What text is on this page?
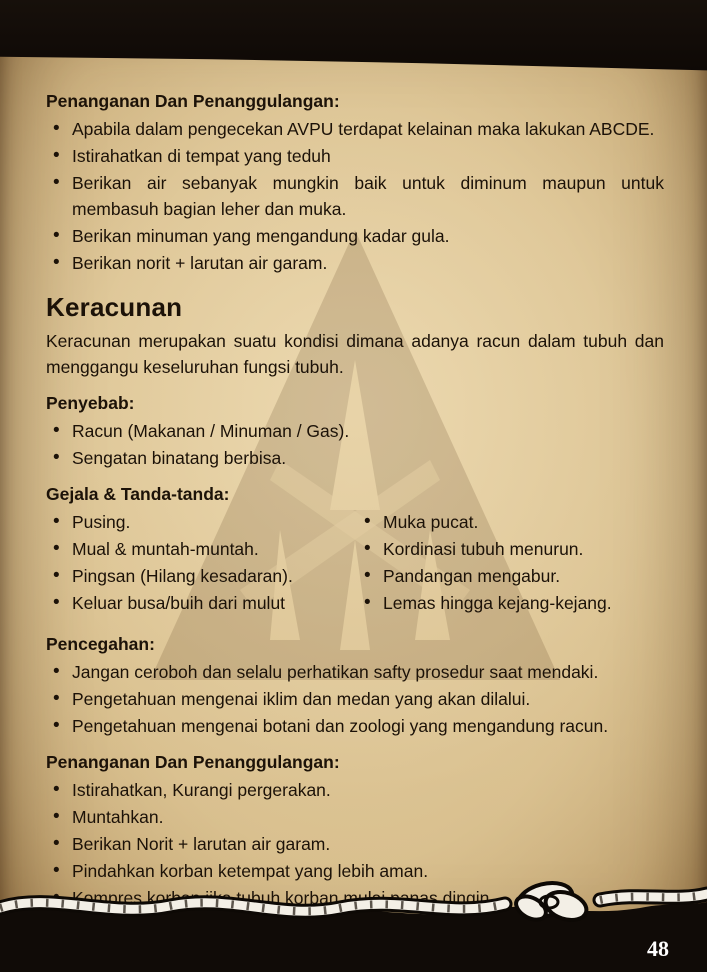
Penanganan Dan Penanggulangan:
• Apabila dalam pengecekan AVPU terdapat kelainan maka lakukan ABCDE.
• Istirahatkan di tempat yang teduh
• Berikan air sebanyak mungkin baik untuk diminum maupun untuk membasuh bagian leher dan muka.
• Berikan minuman yang mengandung kadar gula.
• Berikan norit + larutan air garam.
Keracunan
Keracunan merupakan suatu kondisi dimana adanya racun dalam tubuh dan menggangu keseluruhan fungsi tubuh.
Penyebab:
• Racun (Makanan / Minuman / Gas).
• Sengatan binatang berbisa.
Gejala & Tanda-tanda:
• Pusing.
• Mual & muntah-muntah.
• Pingsan (Hilang kesadaran).
• Keluar busa/buih dari mulut
• Muka pucat.
• Kordinasi tubuh menurun.
• Pandangan mengabur.
• Lemas hingga kejang-kejang.
Pencegahan:
• Jangan ceroboh dan selalu perhatikan safty prosedur saat mendaki.
• Pengetahuan mengenai iklim dan medan yang akan dilalui.
• Pengetahuan mengenai botani dan zoologi yang mengandung racun.
Penanganan Dan Penanggulangan:
• Istirahatkan, Kurangi pergerakan.
• Muntahkan.
• Berikan Norit + larutan air garam.
• Pindahkan korban ketempat yang lebih aman.
• Kompres korban jika tubuh korban mulai panas dingin.
48
